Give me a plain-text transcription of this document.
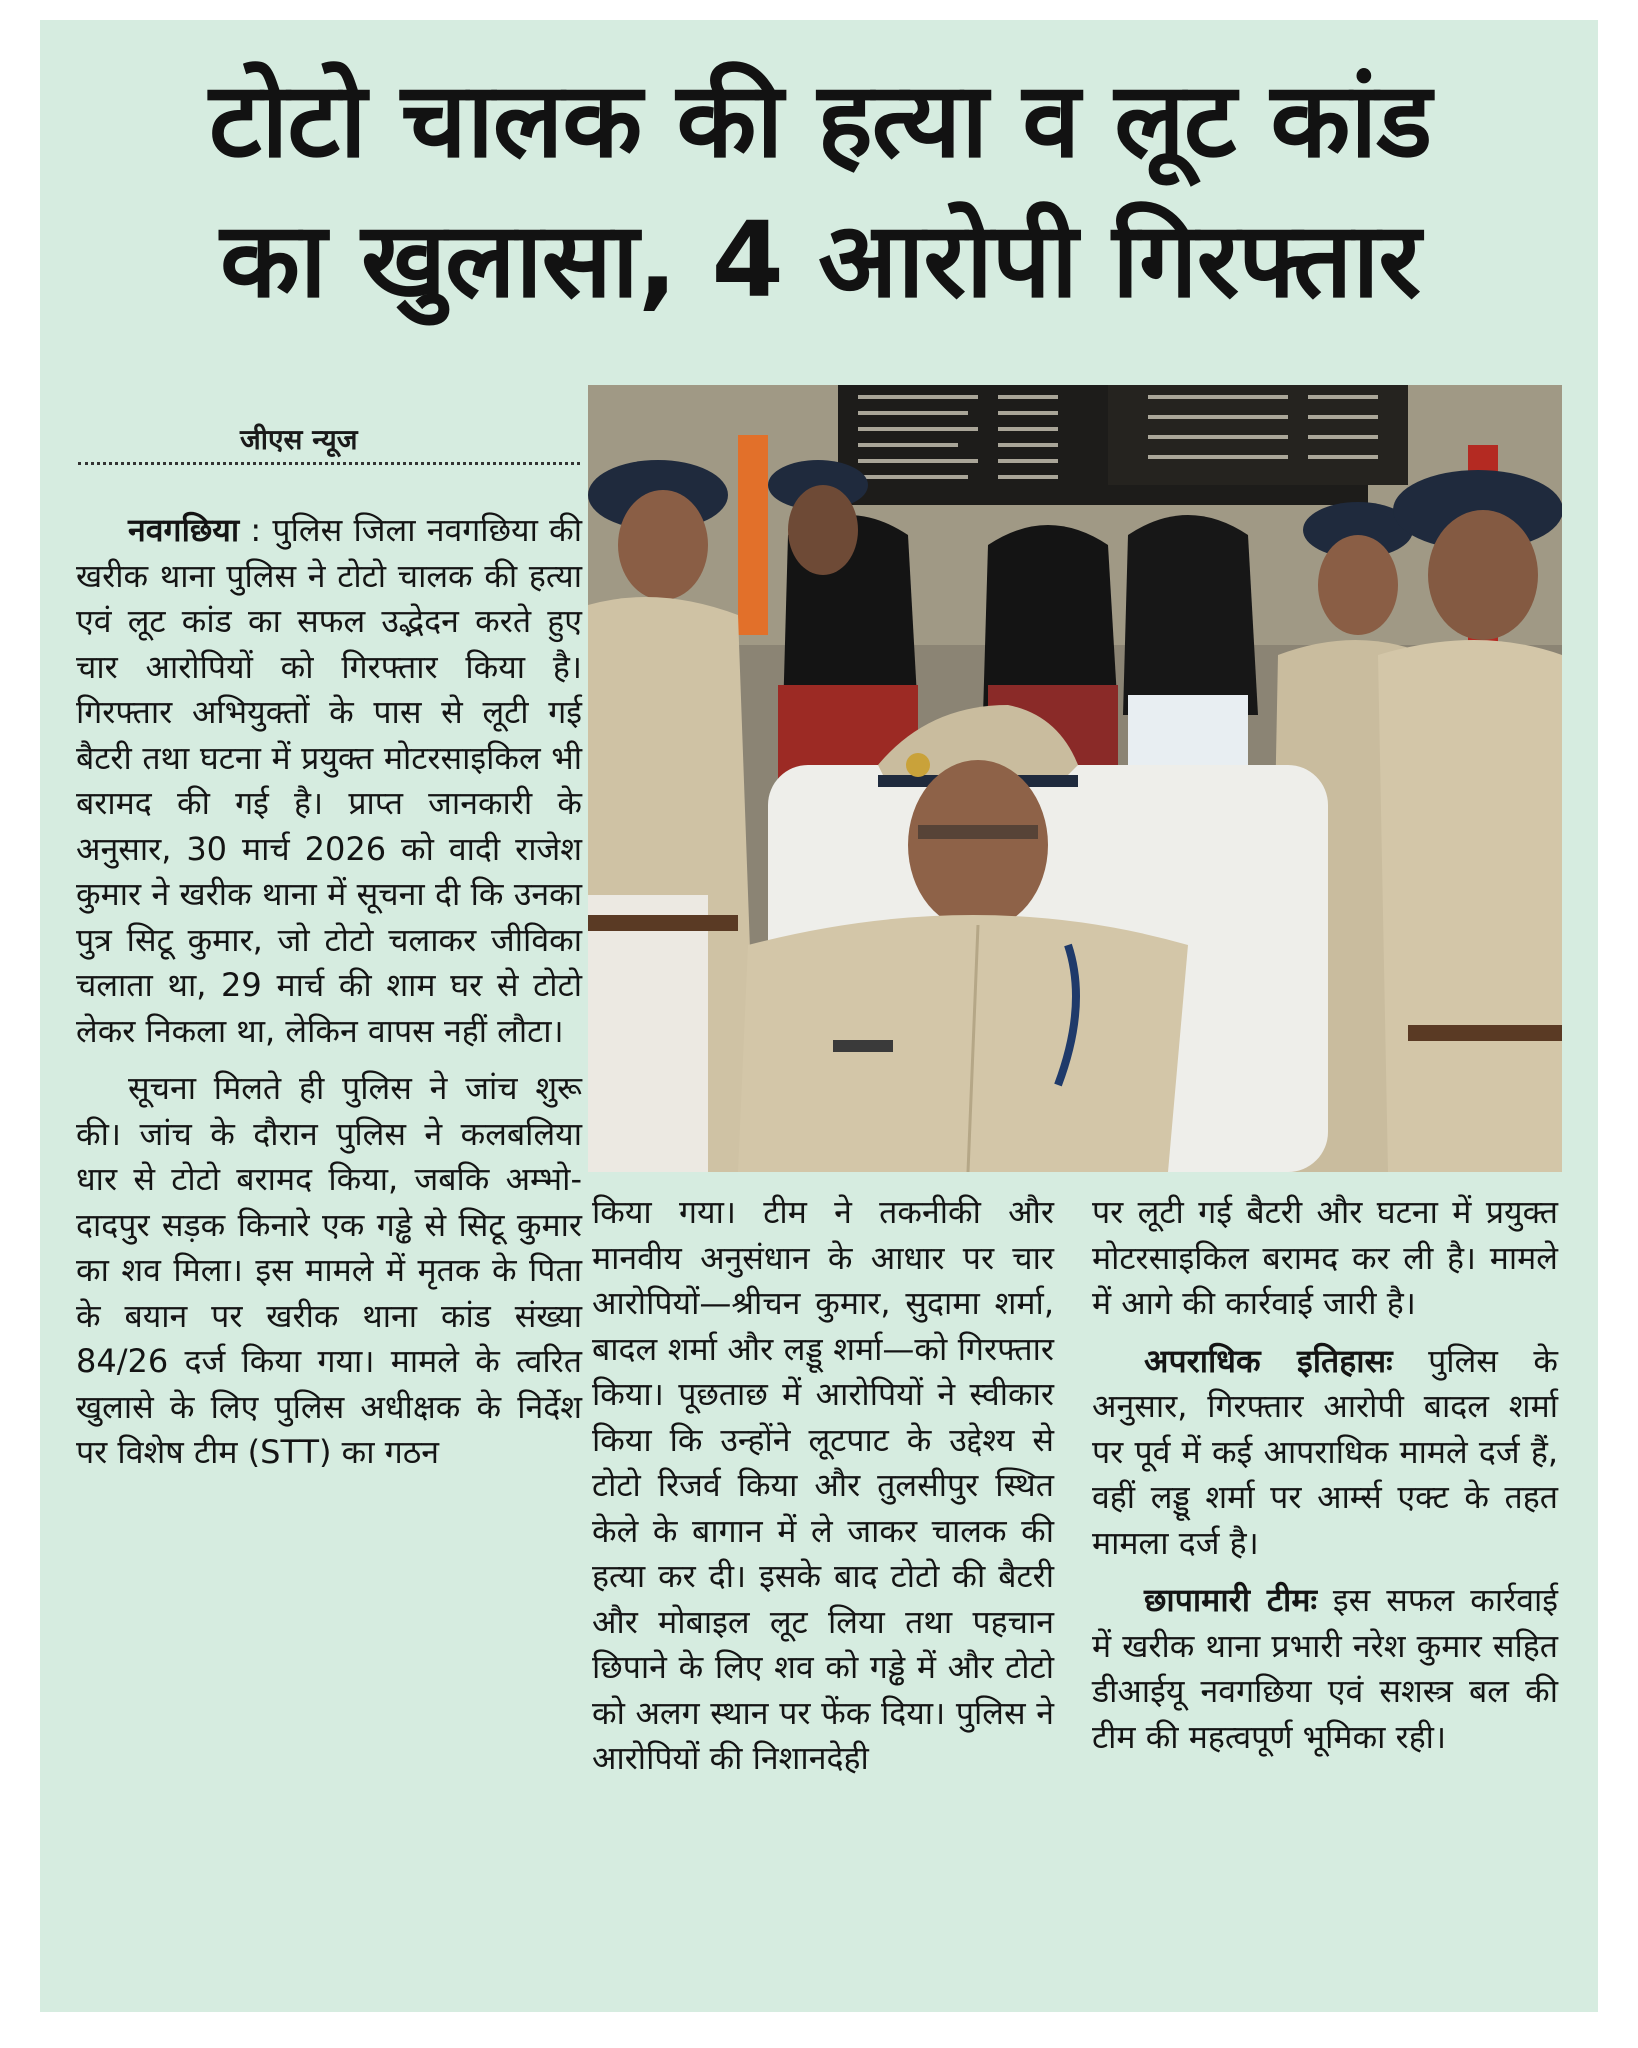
टोटो चालक की हत्या व लूट कांड
का खुलासा, 4 आरोपी गिरफ्तार
जीएस न्यूज

नवगछिया : पुलिस जिला नवगछिया की खरीक थाना पुलिस ने टोटो चालक की हत्या एवं लूट कांड का सफल उद्भेदन करते हुए चार आरोपियों को गिरफ्तार किया है। गिरफ्तार अभियुक्तों के पास से लूटी गई बैटरी तथा घटना में प्रयुक्त मोटरसाइकिल भी बरामद की गई है। प्राप्त जानकारी के अनुसार, 30 मार्च 2026 को वादी राजेश कुमार ने खरीक थाना में सूचना दी कि उनका पुत्र सिटू कुमार, जो टोटो चलाकर जीविका चलाता था, 29 मार्च की शाम घर से टोटो लेकर निकला था, लेकिन वापस नहीं लौटा।

सूचना मिलते ही पुलिस ने जांच शुरू की। जांच के दौरान पुलिस ने कलबलिया धार से टोटो बरामद किया, जबकि अम्भो-दादपुर सड़क किनारे एक गड्ढे से सिटू कुमार का शव मिला। इस मामले में मृतक के पिता के बयान पर खरीक थाना कांड संख्या 84/26 दर्ज किया गया। मामले के त्वरित खुलासे के लिए पुलिस अधीक्षक के निर्देश पर विशेष टीम (STT) का गठन

किया गया। टीम ने तकनीकी और मानवीय अनुसंधान के आधार पर चार आरोपियों—श्रीचन कुमार, सुदामा शर्मा, बादल शर्मा और लड्डू शर्मा—को गिरफ्तार किया। पूछताछ में आरोपियों ने स्वीकार किया कि उन्होंने लूटपाट के उद्देश्य से टोटो रिजर्व किया और तुलसीपुर स्थित केले के बागान में ले जाकर चालक की हत्या कर दी। इसके बाद टोटो की बैटरी और मोबाइल लूट लिया तथा पहचान छिपाने के लिए शव को गड्ढे में और टोटो को अलग स्थान पर फेंक दिया। पुलिस ने आरोपियों की निशानदेही

पर लूटी गई बैटरी और घटना में प्रयुक्त मोटरसाइकिल बरामद कर ली है। मामले में आगे की कार्रवाई जारी है।

अपराधिक इतिहासः पुलिस के अनुसार, गिरफ्तार आरोपी बादल शर्मा पर पूर्व में कई आपराधिक मामले दर्ज हैं, वहीं लड्डू शर्मा पर आर्म्स एक्ट के तहत मामला दर्ज है।

छापामारी टीमः इस सफल कार्रवाई में खरीक थाना प्रभारी नरेश कुमार सहित डीआईयू नवगछिया एवं सशस्त्र बल की टीम की महत्वपूर्ण भूमिका रही।
